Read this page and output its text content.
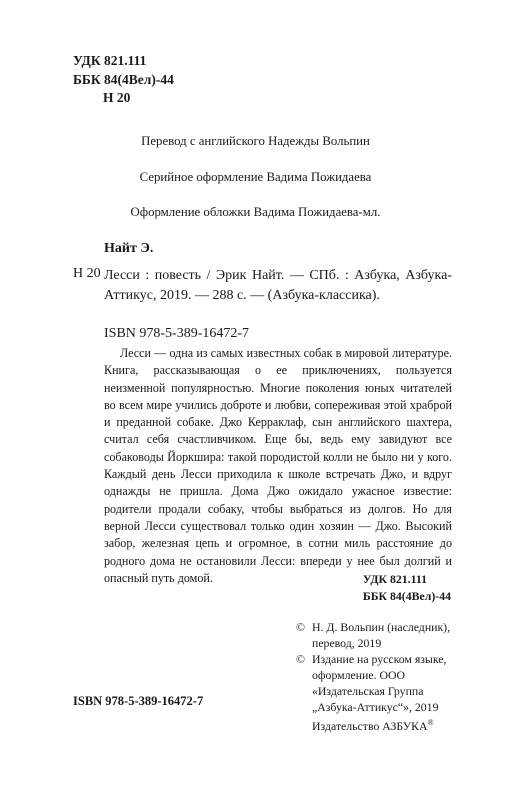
УДК 821.111
ББК 84(4Вел)-44
Н 20
Перевод с английского Надежды Вольпин
Серийное оформление Вадима Пожидаева
Оформление обложки Вадима Пожидаева-мл.
Найт Э.
Н 20 Лесси : повесть / Эрик Найт. — СПб. : Азбука, Азбука-Аттикус, 2019. — 288 с. — (Азбука-классика).
ISBN 978-5-389-16472-7
Лесси — одна из самых известных собак в мировой литературе. Книга, рассказывающая о ее приключениях, пользуется неизменной популярностью. Многие поколения юных читателей во всем мире учились доброте и любви, сопереживая этой храброй и преданной собаке. Джо Керраклаф, сын английского шахтера, считал себя счастливчиком. Еще бы, ведь ему завидуют все собаководы Йоркшира: такой породистой колли не было ни у кого. Каждый день Лесси приходила к школе встречать Джо, и вдруг однажды не пришла. Дома Джо ожидало ужасное известие: родители продали собаку, чтобы выбраться из долгов. Но для верной Лесси существовал только один хозяин — Джо. Высокий забор, железная цепь и огромное, в сотни миль расстояние до родного дома не остановили Лесси: впереди у нее был долгий и опасный путь домой.	УДК 821.111
ББК 84(4Вел)-44
© Н. Д. Вольпин (наследник), перевод, 2019
© Издание на русском языке, оформление. ООО «Издательская Группа „Азбука-Аттикус“», 2019 Издательство АЗБУКА®
ISBN 978-5-389-16472-7
